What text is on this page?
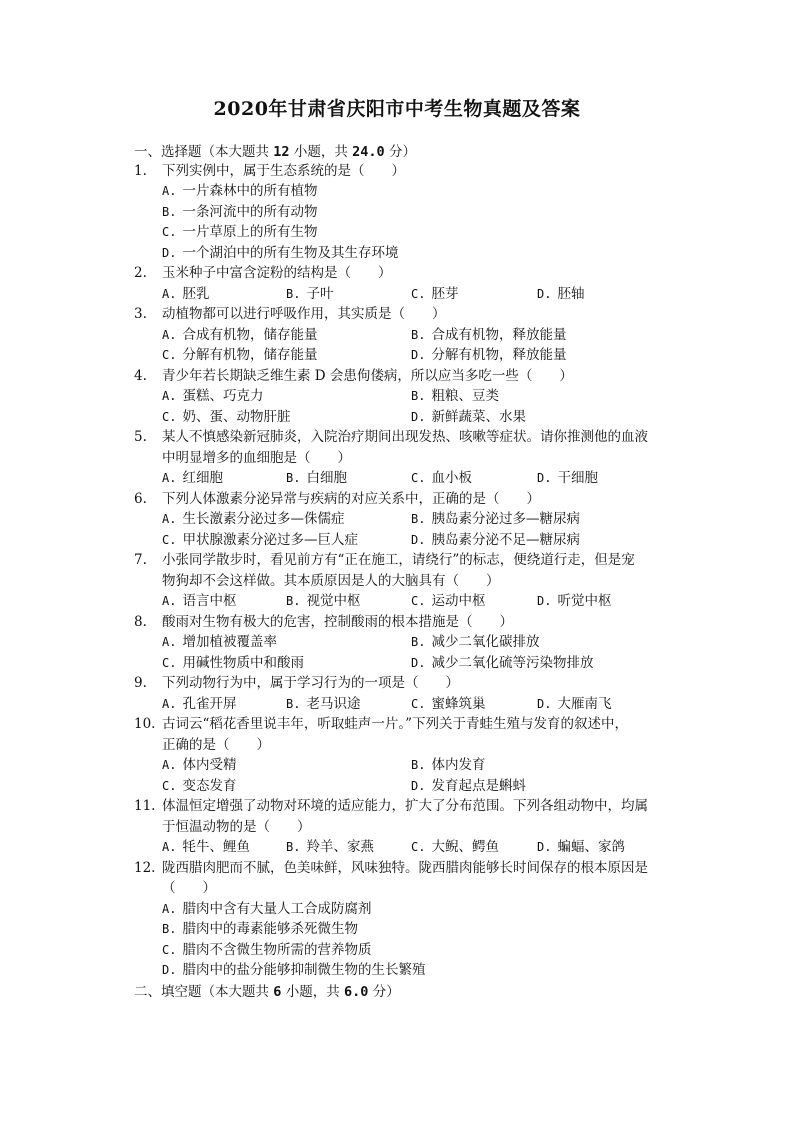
2020年甘肃省庆阳市中考生物真题及答案
一、选择题（本大题共 12 小题，共 24.0 分）
1. 下列实例中，属于生态系统的是（　　）
A. 一片森林中的所有植物
B. 一条河流中的所有动物
C. 一片草原上的所有生物
D. 一个湖泊中的所有生物及其生存环境
2. 玉米种子中富含淀粉的结构是（　　）
A. 胚乳	B. 子叶	C. 胚芽	D. 胚轴
3. 动植物都可以进行呼吸作用，其实质是（　　）
A. 合成有机物，储存能量	B. 合成有机物，释放能量
C. 分解有机物，储存能量	D. 分解有机物，释放能量
4. 青少年若长期缺乏维生素 D 会患佝偻病，所以应当多吃一些（　　）
A. 蛋糕、巧克力	B. 粗粮、豆类
C. 奶、蛋、动物肝脏	D. 新鲜蔬菜、水果
5. 某人不慎感染新冠肺炎，入院治疗期间出现发热、咳嗽等症状。请你推测他的血液
中明显增多的血细胞是（　　）
A. 红细胞	B. 白细胞	C. 血小板	D. 干细胞
6. 下列人体激素分泌异常与疾病的对应关系中，正确的是（　　）
A. 生长激素分泌过多—侏儒症	B. 胰岛素分泌过多—糖尿病
C. 甲状腺激素分泌过多—巨人症	D. 胰岛素分泌不足—糖尿病
7. 小张同学散步时，看见前方有“正在施工，请绕行”的标志，便绕道行走，但是宠
物狗却不会这样做。其本质原因是人的大脑具有（　　）
A. 语言中枢	B. 视觉中枢	C. 运动中枢	D. 听觉中枢
8. 酸雨对生物有极大的危害，控制酸雨的根本措施是（　　）
A. 增加植被覆盖率	B. 减少二氧化碳排放
C. 用碱性物质中和酸雨	D. 减少二氧化硫等污染物排放
9. 下列动物行为中，属于学习行为的一项是（　　）
A. 孔雀开屏	B. 老马识途	C. 蜜蜂筑巢	D. 大雁南飞
10. 古词云“稻花香里说丰年，听取蛙声一片。”下列关于青蛙生殖与发育的叙述中，
正确的是（　　）
A. 体内受精	B. 体内发育
C. 变态发育	D. 发育起点是蝌蚪
11. 体温恒定增强了动物对环境的适应能力，扩大了分布范围。下列各组动物中，均属
于恒温动物的是（　　）
A. 牦牛、鲤鱼	B. 羚羊、家燕	C. 大鲵、鳄鱼	D. 蝙蝠、家鸽
12. 陇西腊肉肥而不腻，色美味鲜，风味独特。陇西腊肉能够长时间保存的根本原因是
（　　）
A. 腊肉中含有大量人工合成防腐剂
B. 腊肉中的毒素能够杀死微生物
C. 腊肉不含微生物所需的营养物质
D. 腊肉中的盐分能够抑制微生物的生长繁殖
二、填空题（本大题共 6 小题，共 6.0 分）
